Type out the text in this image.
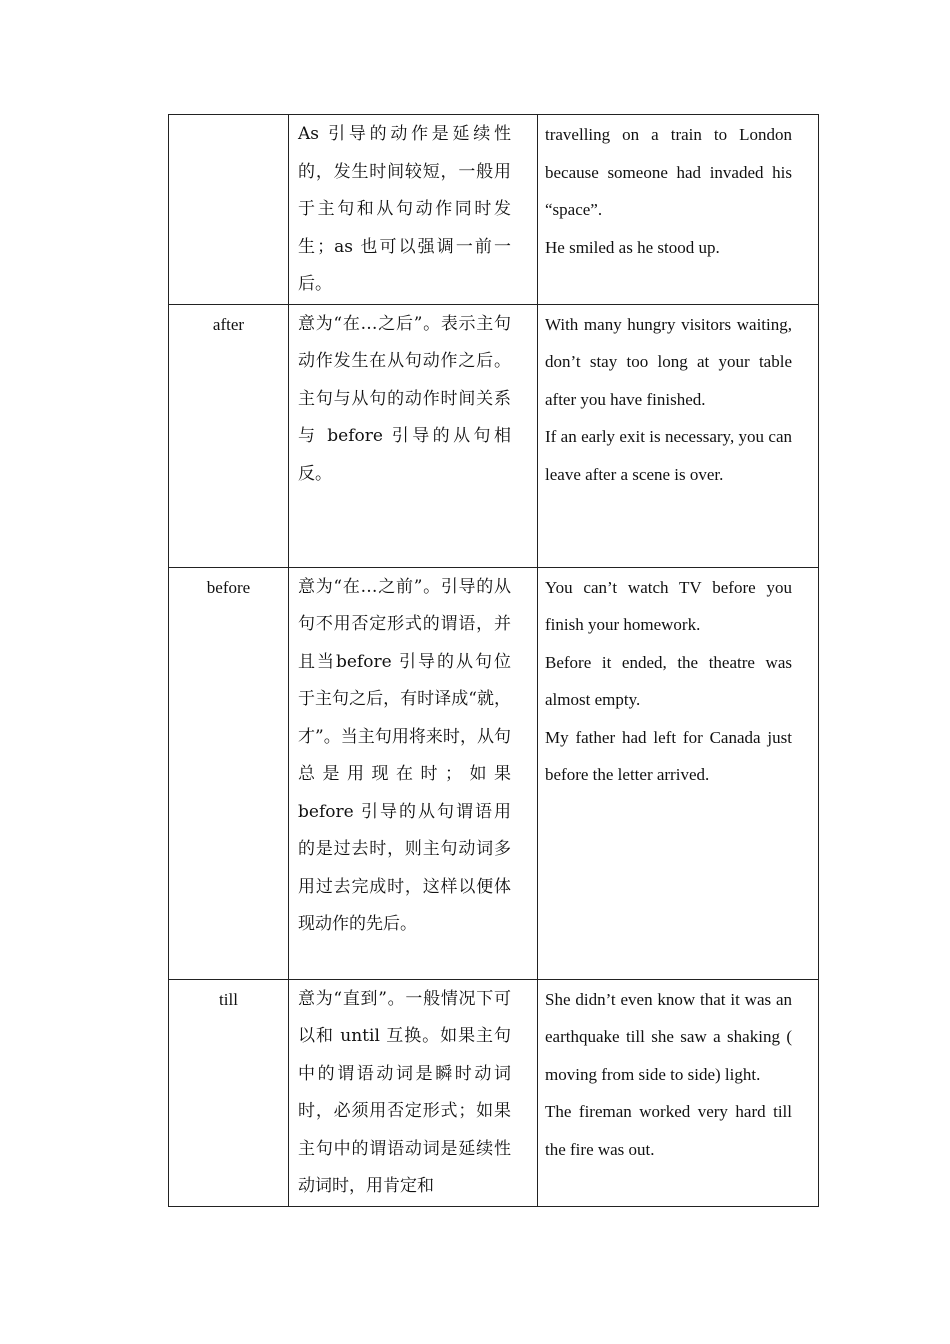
	As 引导的动作是延续性的，发生时间较短，一般用于主句和从句动作同时发生；as 也可以强调一前一后。	travelling on a train to London because someone had invaded his “space”.
He smiled as he stood up.

after	意为“在…之后”。表示主句动作发生在从句动作之后。主句与从句的动作时间关系与 before 引导的从句相反。	With many hungry visitors waiting, don’t stay too long at your table after you have finished.
If an early exit is necessary, you can leave after a scene is over.

before	意为“在…之前”。引导的从句不用否定形式的谓语，并且当before 引导的从句位于主句之后，有时译成“就，才”。当主句用将来时，从句总是用现在时；如果 before 引导的从句谓语用的是过去时，则主句动词多用过去完成时，这样以便体现动作的先后。	You can’t watch TV before you finish your homework.
Before it ended, the theatre was almost empty.
My father had left for Canada just before the letter arrived.

till	意为“直到”。一般情况下可以和 until 互换。如果主句中的谓语动词是瞬时动词时，必须用否定形式；如果主句中的谓语动词是延续性动词时，用肯定和	She didn’t even know that it was an earthquake till she saw a shaking ( moving from side to side) light.
The fireman worked very hard till the fire was out.
